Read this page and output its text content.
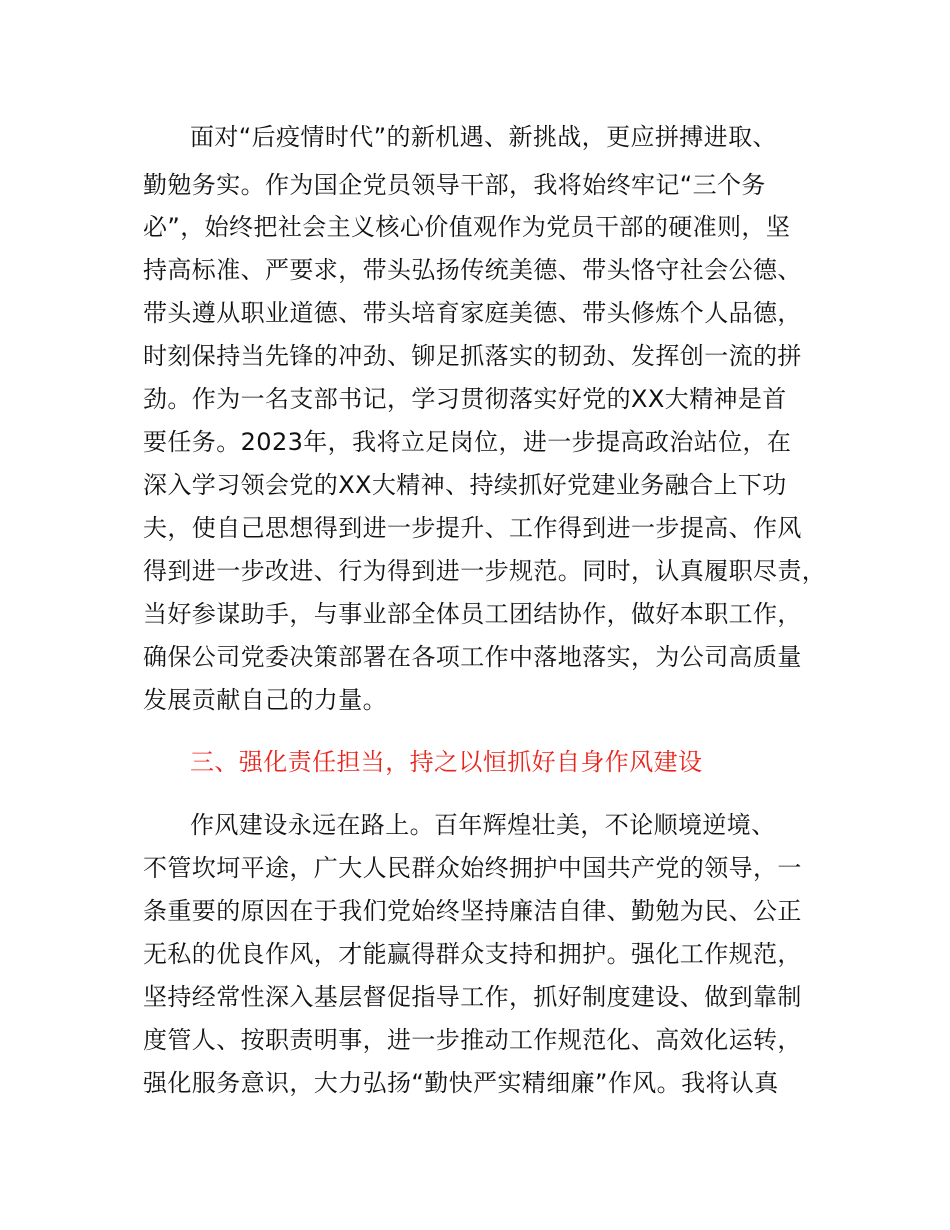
面对“后疫情时代”的新机遇、新挑战，更应拼搏进取、
勤勉务实。作为国企党员领导干部，我将始终牢记“三个务
必”，始终把社会主义核心价值观作为党员干部的硬准则，坚
持高标准、严要求，带头弘扬传统美德、带头恪守社会公德、
带头遵从职业道德、带头培育家庭美德、带头修炼个人品德，
时刻保持当先锋的冲劲、铆足抓落实的韧劲、发挥创一流的拼
劲。作为一名支部书记，学习贯彻落实好党的XX大精神是首
要任务。2023年，我将立足岗位，进一步提高政治站位，在
深入学习领会党的XX大精神、持续抓好党建业务融合上下功
夫，使自己思想得到进一步提升、工作得到进一步提高、作风
得到进一步改进、行为得到进一步规范。同时，认真履职尽责，
当好参谋助手，与事业部全体员工团结协作，做好本职工作，
确保公司党委决策部署在各项工作中落地落实，为公司高质量
发展贡献自己的力量。
三、强化责任担当，持之以恒抓好自身作风建设
作风建设永远在路上。百年辉煌壮美，不论顺境逆境、
不管坎坷平途，广大人民群众始终拥护中国共产党的领导，一
条重要的原因在于我们党始终坚持廉洁自律、勤勉为民、公正
无私的优良作风，才能赢得群众支持和拥护。强化工作规范，
坚持经常性深入基层督促指导工作，抓好制度建设、做到靠制
度管人、按职责明事，进一步推动工作规范化、高效化运转，
强化服务意识，大力弘扬“勤快严实精细廉”作风。我将认真
